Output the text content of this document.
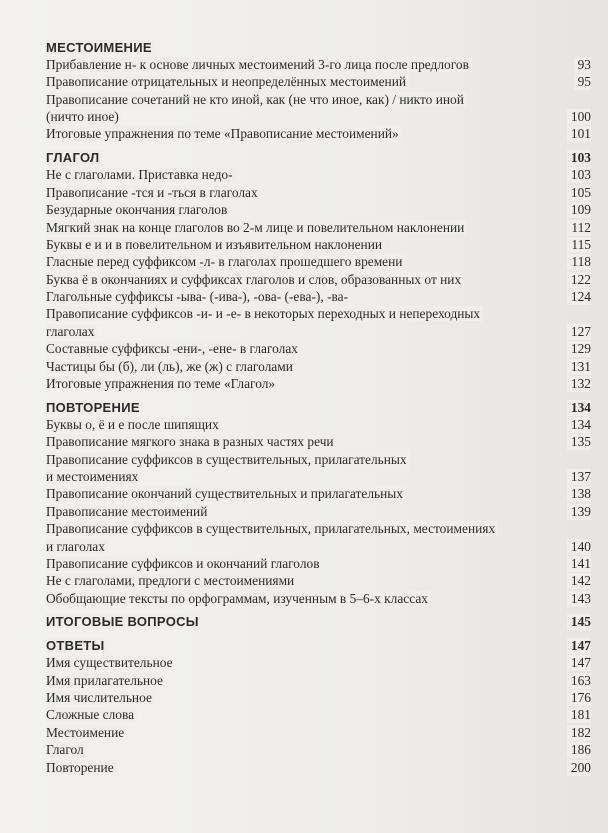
МЕСТОИМЕНИЕ . . .
Прибавление н- к основе личных местоимений 3-го лица после предлогов . . .	93
Правописание отрицательных и неопределённых местоимений . . .	95
Правописание сочетаний не кто иной, как (не что иное, как) / никто иной
(ничто иное) . . .	100
Итоговые упражнения по теме «Правописание местоимений» . . .	101
ГЛАГОЛ . . .	103
Не с глаголами. Приставка недо- . . .	103
Правописание -тся и -ться в глаголах . . .	105
Безударные окончания глаголов . . .	109
Мягкий знак на конце глаголов во 2-м лице и повелительном наклонении . . .	112
Буквы е и и в повелительном и изъявительном наклонении . . .	115
Гласные перед суффиксом -л- в глаголах прошедшего времени . . .	118
Буква ё в окончаниях и суффиксах глаголов и слов, образованных от них . . .	122
Глагольные суффиксы -ыва- (-ива-), -ова- (-ева-), -ва- . . .	124
Правописание суффиксов -и- и -е- в некоторых переходных и непереходных
глаголах . . .	127
Составные суффиксы -ени-, -ене- в глаголах . . .	129
Частицы бы (б), ли (ль), же (ж) с глаголами . . .	131
Итоговые упражнения по теме «Глагол» . . .	132
ПОВТОРЕНИЕ . . .	134
Буквы о, ё и е после шипящих . . .	134
Правописание мягкого знака в разных частях речи . . .	135
Правописание суффиксов в существительных, прилагательных
и местоимениях . . .	137
Правописание окончаний существительных и прилагательных . . .	138
Правописание местоимений . . .	139
Правописание суффиксов в существительных, прилагательных, местоимениях
и глаголах . . .	140
Правописание суффиксов и окончаний глаголов . . .	141
Не с глаголами, предлоги с местоимениями . . .	142
Обобщающие тексты по орфограммам, изученным в 5–6-х классах . . .	143
ИТОГОВЫЕ ВОПРОСЫ . . .	145
ОТВЕТЫ . . .	147
Имя существительное . . .	147
Имя прилагательное . . .	163
Имя числительное . . .	176
Сложные слова . . .	181
Местоимение . . .	182
Глагол . . .	186
Повторение . . .	200
